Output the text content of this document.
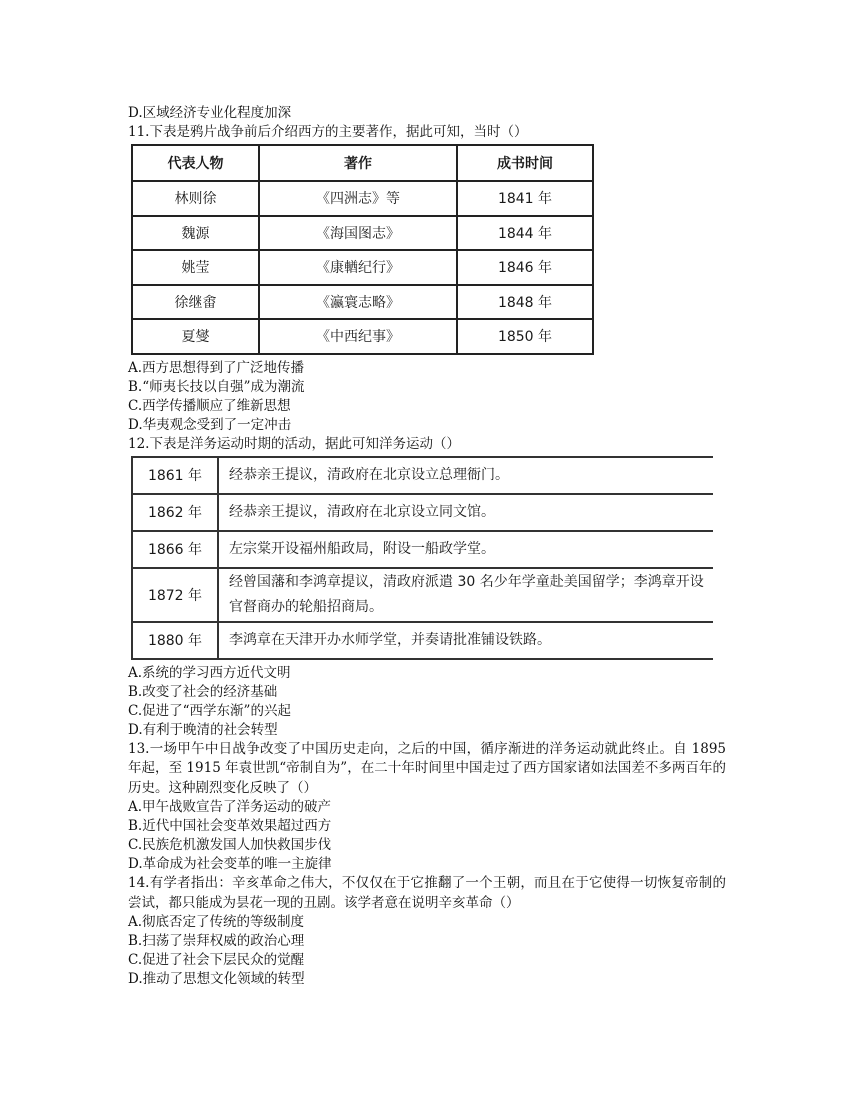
D.区域经济专业化程度加深
11.下表是鸦片战争前后介绍西方的主要著作，据此可知，当时（）
代表人物	著作	成书时间
林则徐	《四洲志》等	1841 年
魏源	《海国图志》	1844 年
姚莹	《康輶纪行》	1846 年
徐继畬	《瀛寰志略》	1848 年
夏燮	《中西纪事》	1850 年
A.西方思想得到了广泛地传播
B.“师夷长技以自强”成为潮流
C.西学传播顺应了维新思想
D.华夷观念受到了一定冲击
12.下表是洋务运动时期的活动，据此可知洋务运动（）
1861 年	经恭亲王提议，清政府在北京设立总理衙门。
1862 年	经恭亲王提议，清政府在北京设立同文馆。
1866 年	左宗棠开设福州船政局，附设一船政学堂。
1872 年	经曾国藩和李鸿章提议，清政府派遣 30 名少年学童赴美国留学；李鸿章开设官督商办的轮船招商局。
1880 年	李鸿章在天津开办水师学堂，并奏请批准铺设铁路。
A.系统的学习西方近代文明
B.改变了社会的经济基础
C.促进了“西学东渐”的兴起
D.有利于晚清的社会转型
13.一场甲午中日战争改变了中国历史走向，之后的中国，循序渐进的洋务运动就此终止。自 1895 年起，至 1915 年袁世凯“帝制自为”，在二十年时间里中国走过了西方国家诸如法国差不多两百年的历史。这种剧烈变化反映了（）
A.甲午战败宣告了洋务运动的破产
B.近代中国社会变革效果超过西方
C.民族危机激发国人加快救国步伐
D.革命成为社会变革的唯一主旋律
14.有学者指出：辛亥革命之伟大，不仅仅在于它推翻了一个王朝，而且在于它使得一切恢复帝制的尝试，都只能成为昙花一现的丑剧。该学者意在说明辛亥革命（）
A.彻底否定了传统的等级制度
B.扫荡了崇拜权威的政治心理
C.促进了社会下层民众的觉醒
D.推动了思想文化领域的转型
